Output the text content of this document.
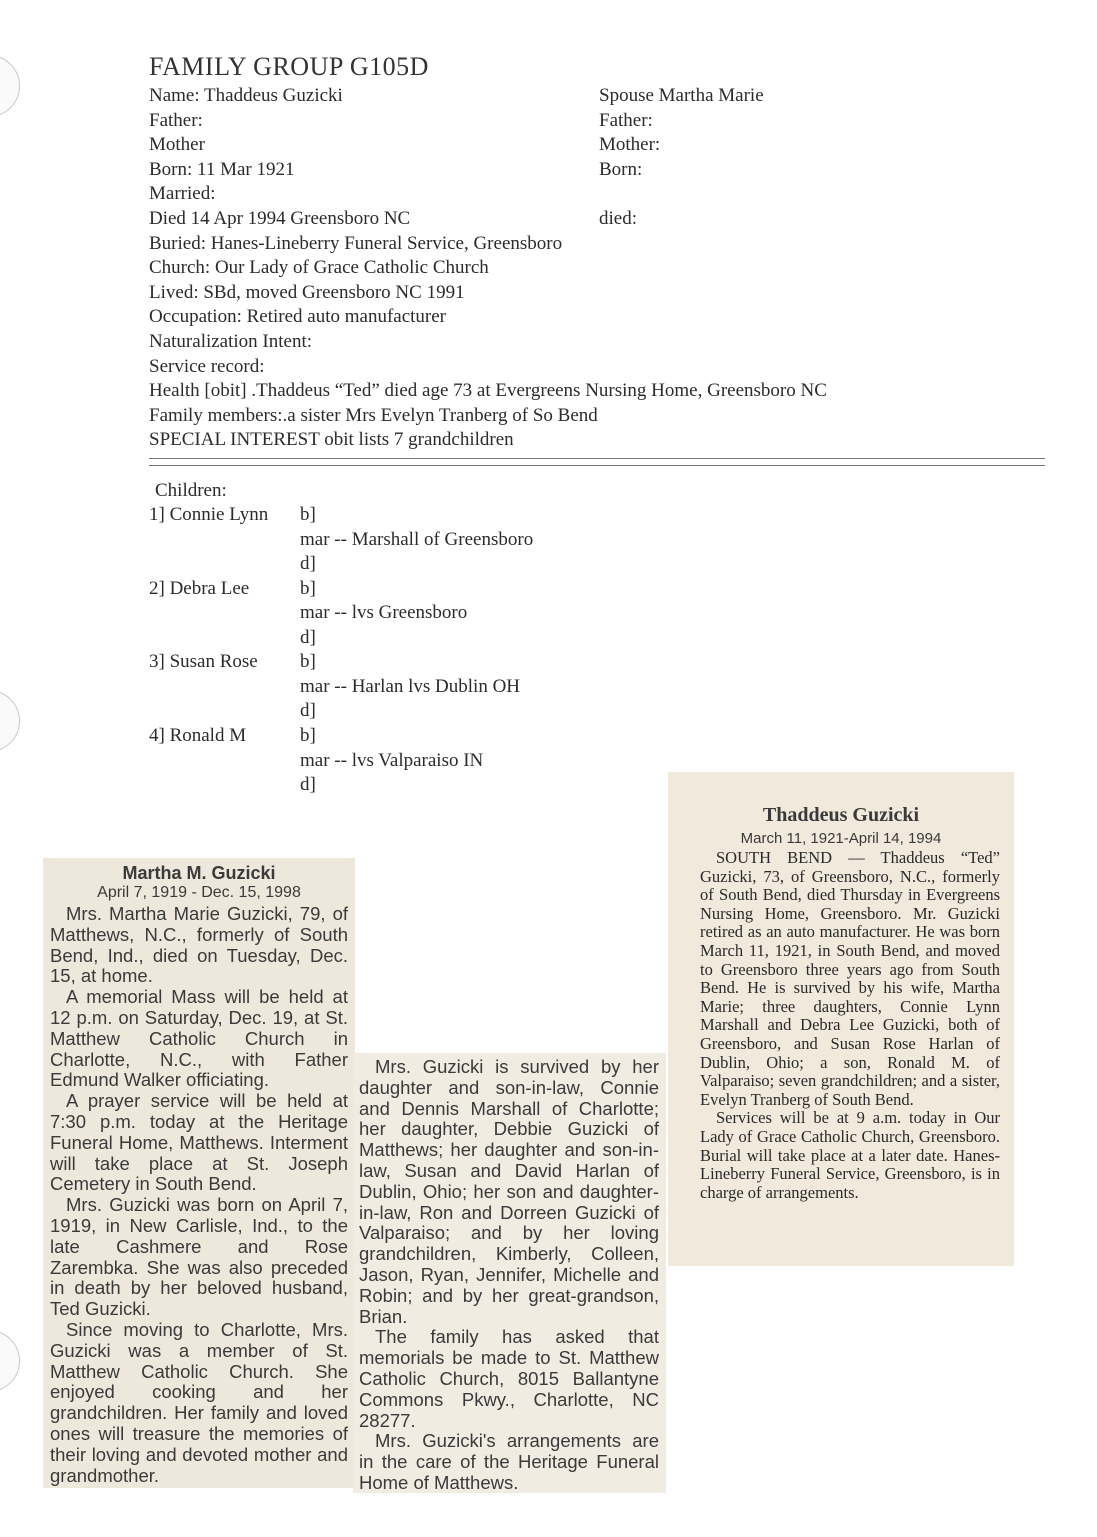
FAMILY GROUP G105D
Name: Thaddeus Guzicki
Father:
Mother
Born: 11 Mar 1921
Married:
Died 14 Apr 1994 Greensboro NC
Buried: Hanes-Lineberry Funeral Service, Greensboro
Church: Our Lady of Grace Catholic Church
Lived: SBd, moved Greensboro NC 1991
Occupation: Retired auto manufacturer
Naturalization Intent:
Service record:
Health [obit] .Thaddeus “Ted” died age 73 at Evergreens Nursing Home, Greensboro NC
Family members:.a sister Mrs Evelyn Tranberg of So Bend
SPECIAL INTEREST obit lists 7 grandchildren
Spouse Martha Marie
Father:
Mother:
Born:
died:
Children:
1] Connie Lynn b]
mar -- Marshall of Greensboro
d]
2] Debra Lee	b]
mar -- lvs Greensboro
d]
3] Susan Rose b]
mar -- Harlan lvs Dublin OH
d]
4] Ronald M	b]
mar -- lvs Valparaiso IN
d]
Martha M. Guzicki
April 7, 1919 - Dec. 15, 1998

Mrs. Martha Marie Guzicki, 79, of Matthews, N.C., formerly of South Bend, Ind., died on Tuesday, Dec. 15, at home.

A memorial Mass will be held at 12 p.m. on Saturday, Dec. 19, at St. Matthew Catholic Church in Charlotte, N.C., with Father Edmund Walker officiating.

A prayer service will be held at 7:30 p.m. today at the Heritage Funeral Home, Matthews. Interment will take place at St. Joseph Cemetery in South Bend.

Mrs. Guzicki was born on April 7, 1919, in New Carlisle, Ind., to the late Cashmere and Rose Zarembka. She was also preceded in death by her beloved husband, Ted Guzicki.

Since moving to Charlotte, Mrs. Guzicki was a member of St. Matthew Catholic Church. She enjoyed cooking and her grandchildren. Her family and loved ones will treasure the memories of their loving and devoted mother and grandmother.

Mrs. Guzicki is survived by her daughter and son-in-law, Connie and Dennis Marshall of Charlotte; her daughter, Debbie Guzicki of Matthews; her daughter and son-in-law, Susan and David Harlan of Dublin, Ohio; her son and daughter-in-law, Ron and Dorreen Guzicki of Valparaiso; and by her loving grandchildren, Kimberly, Colleen, Jason, Ryan, Jennifer, Michelle and Robin; and by her great-grandson, Brian.

The family has asked that memorials be made to St. Matthew Catholic Church, 8015 Ballantyne Commons Pkwy., Charlotte, NC 28277.

Mrs. Guzicki's arrangements are in the care of the Heritage Funeral Home of Matthews.

Thaddeus Guzicki
March 11, 1921-April 14, 1994

SOUTH BEND — Thaddeus “Ted” Guzicki, 73, of Greensboro, N.C., formerly of South Bend, died Thursday in Evergreens Nursing Home, Greensboro. Mr. Guzicki retired as an auto manufacturer. He was born March 11, 1921, in South Bend, and moved to Greensboro three years ago from South Bend. He is survived by his wife, Martha Marie; three daughters, Connie Lynn Marshall and Debra Lee Guzicki, both of Greensboro, and Susan Rose Harlan of Dublin, Ohio; a son, Ronald M. of Valparaiso; seven grandchildren; and a sister, Evelyn Tranberg of South Bend.

Services will be at 9 a.m. today in Our Lady of Grace Catholic Church, Greensboro. Burial will take place at a later date. Hanes-Lineberry Funeral Service, Greensboro, is in charge of arrangements.
